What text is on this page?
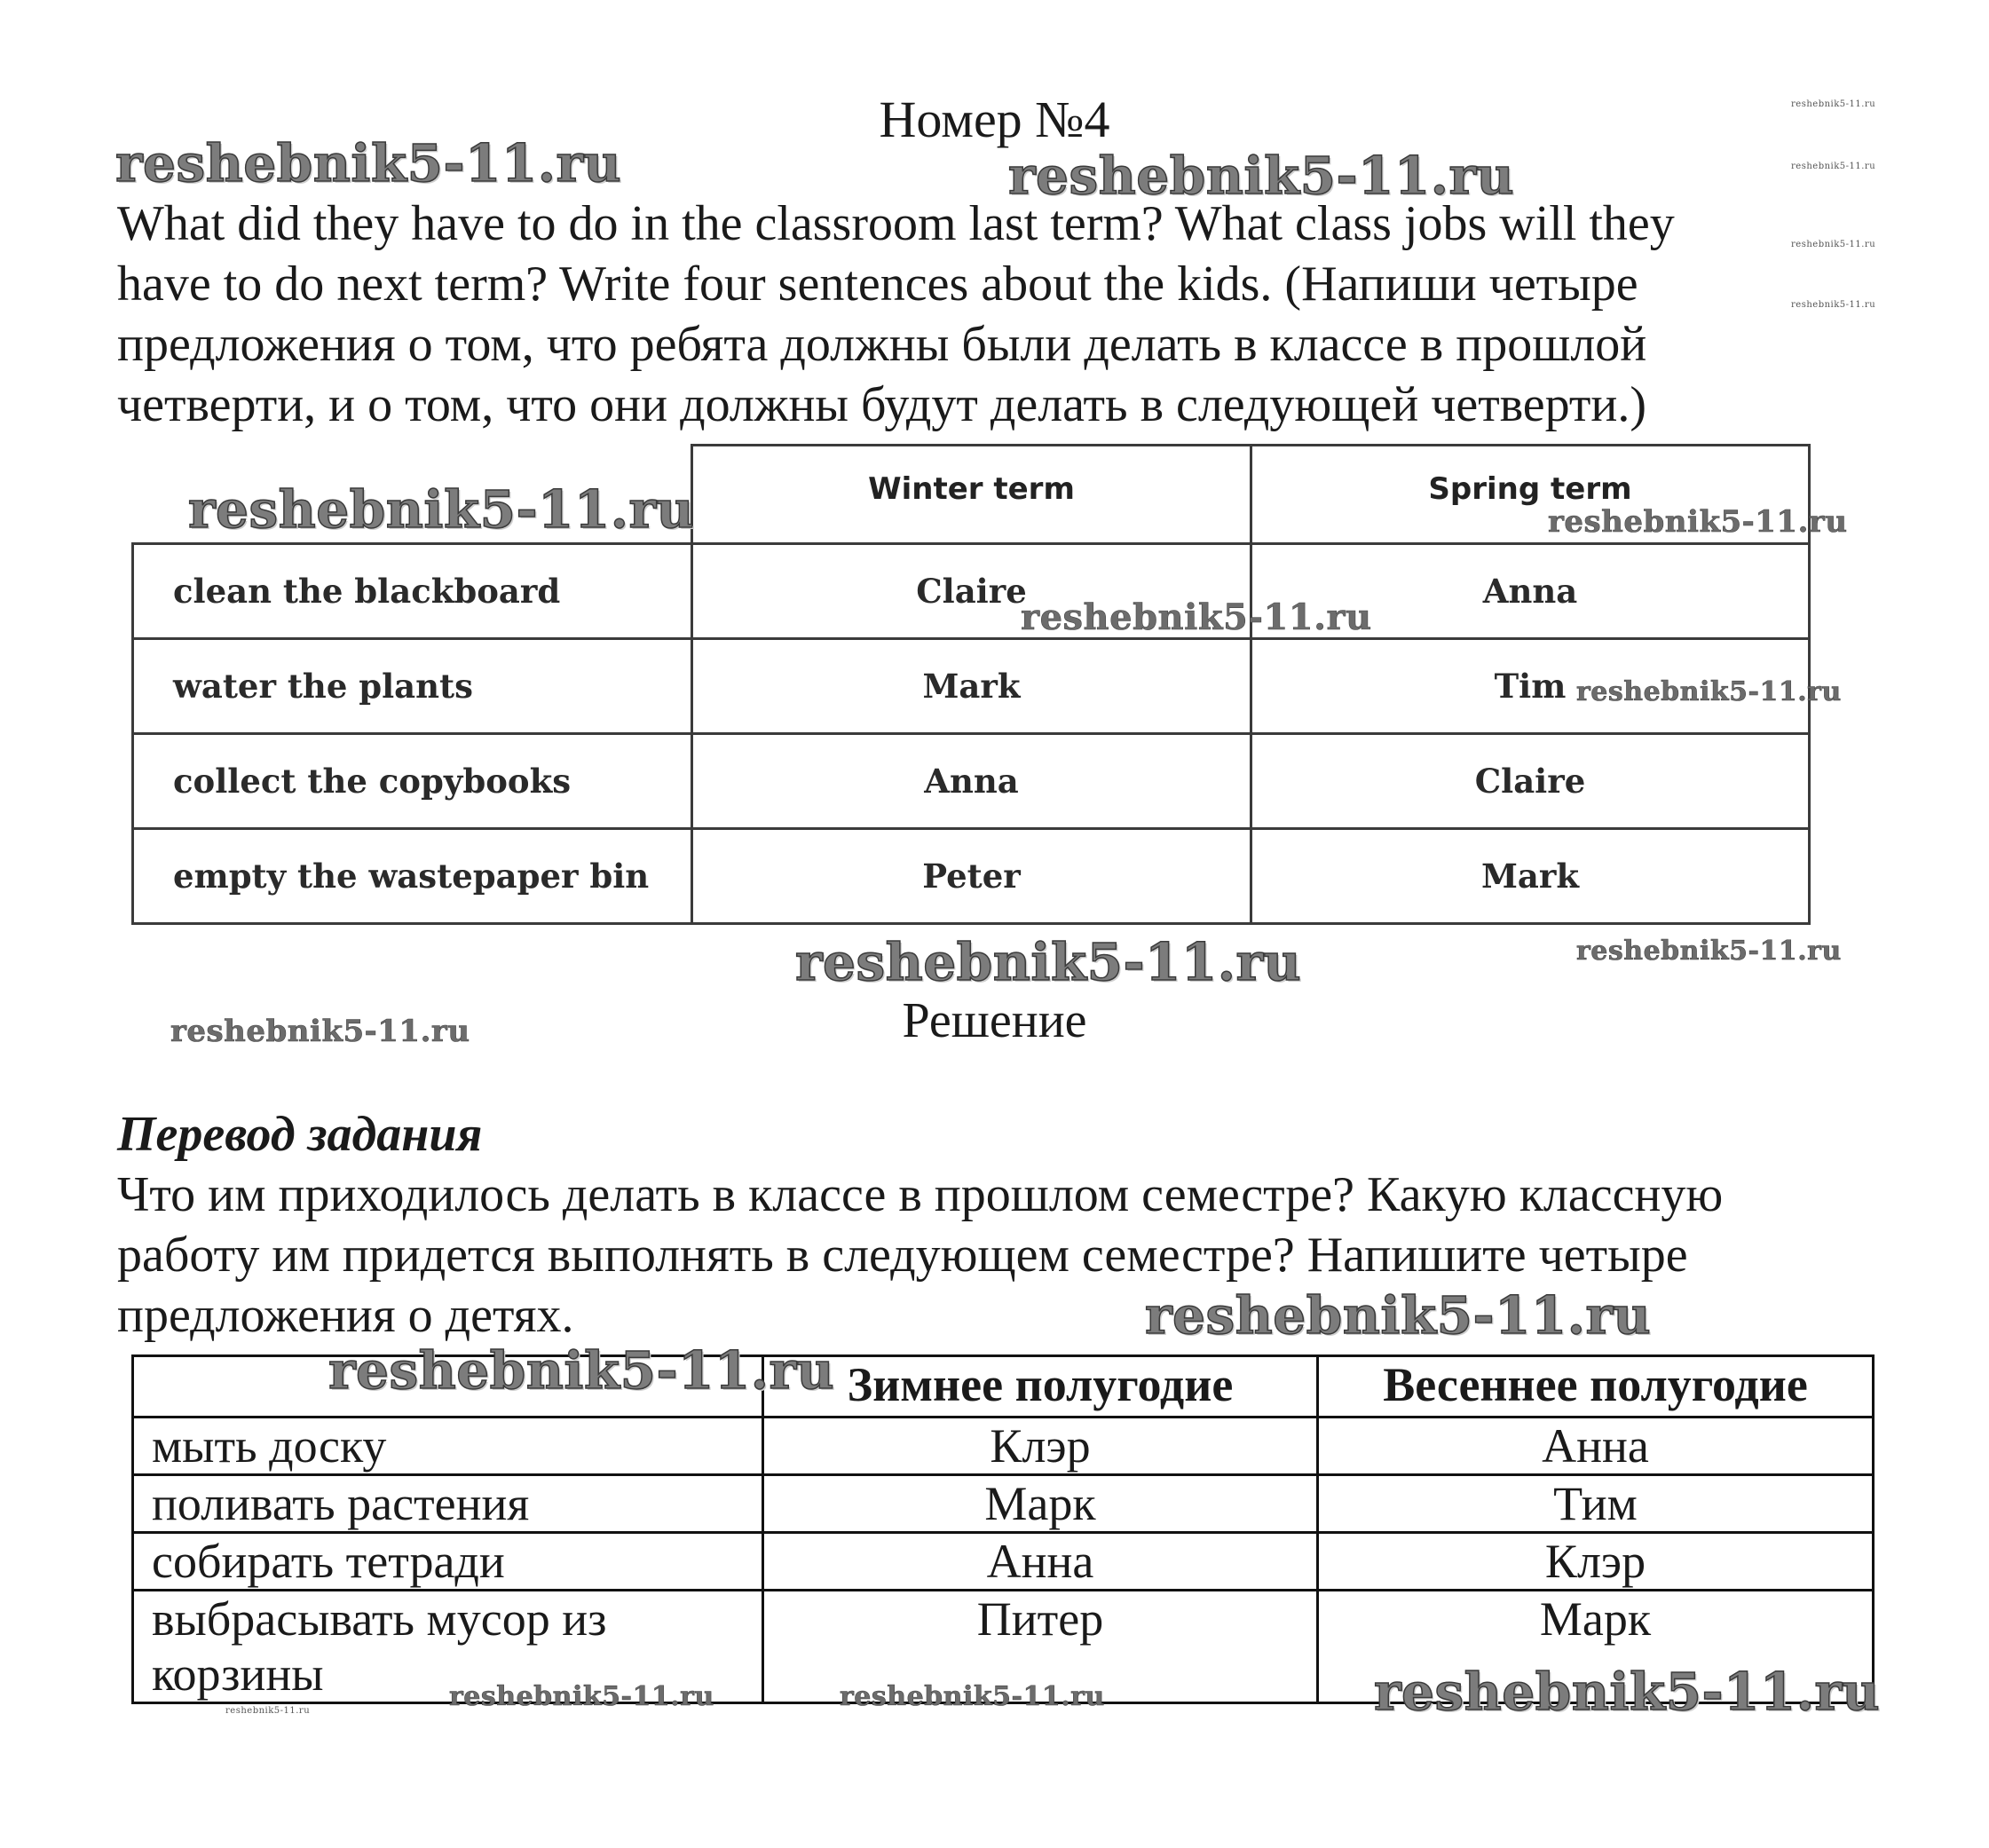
reshebnik5-11.ru
reshebnik5-11.ru
reshebnik5-11.ru
reshebnik5-11.ru
Номер №4
What did they have to do in the classroom last term? What class jobs will they
have to do next term? Write four sentences about the kids. (Напиши четыре
предложения о том, что ребята должны были делать в классе в прошлой
четверти, и о том, что они должны будут делать в следующей четверти.)
reshebnik5-11.ru	reshebnik5-11.ru
	Winter term	Spring term
clean the blackboard	Claire	Anna
water the plants	Mark	Tim
collect the copybooks	Anna	Claire
empty the wastepaper bin	Peter	Mark
reshebnik5-11.ru	reshebnik5-11.ru
reshebnik5-11.ru
reshebnik5-11.ru
reshebnik5-11.ru	reshebnik5-11.ru
reshebnik5-11.ru	Решение
Перевод задания
Что им приходилось делать в классе в прошлом семестре? Какую классную
работу им придется выполнять в следующем семестре? Напишите четыре
предложения о детях.	reshebnik5-11.ru
	Зимнее полугодие	Весеннее полугодие
мыть доску	Клэр	Анна
поливать растения	Марк	Тим
собирать тетради	Анна	Клэр
выбрасывать мусор из корзины	Питер	Марк
reshebnik5-11.ru
reshebnik5-11.ru	reshebnik5-11.ru	reshebnik5-11.ru
reshebnik5-11.ru
